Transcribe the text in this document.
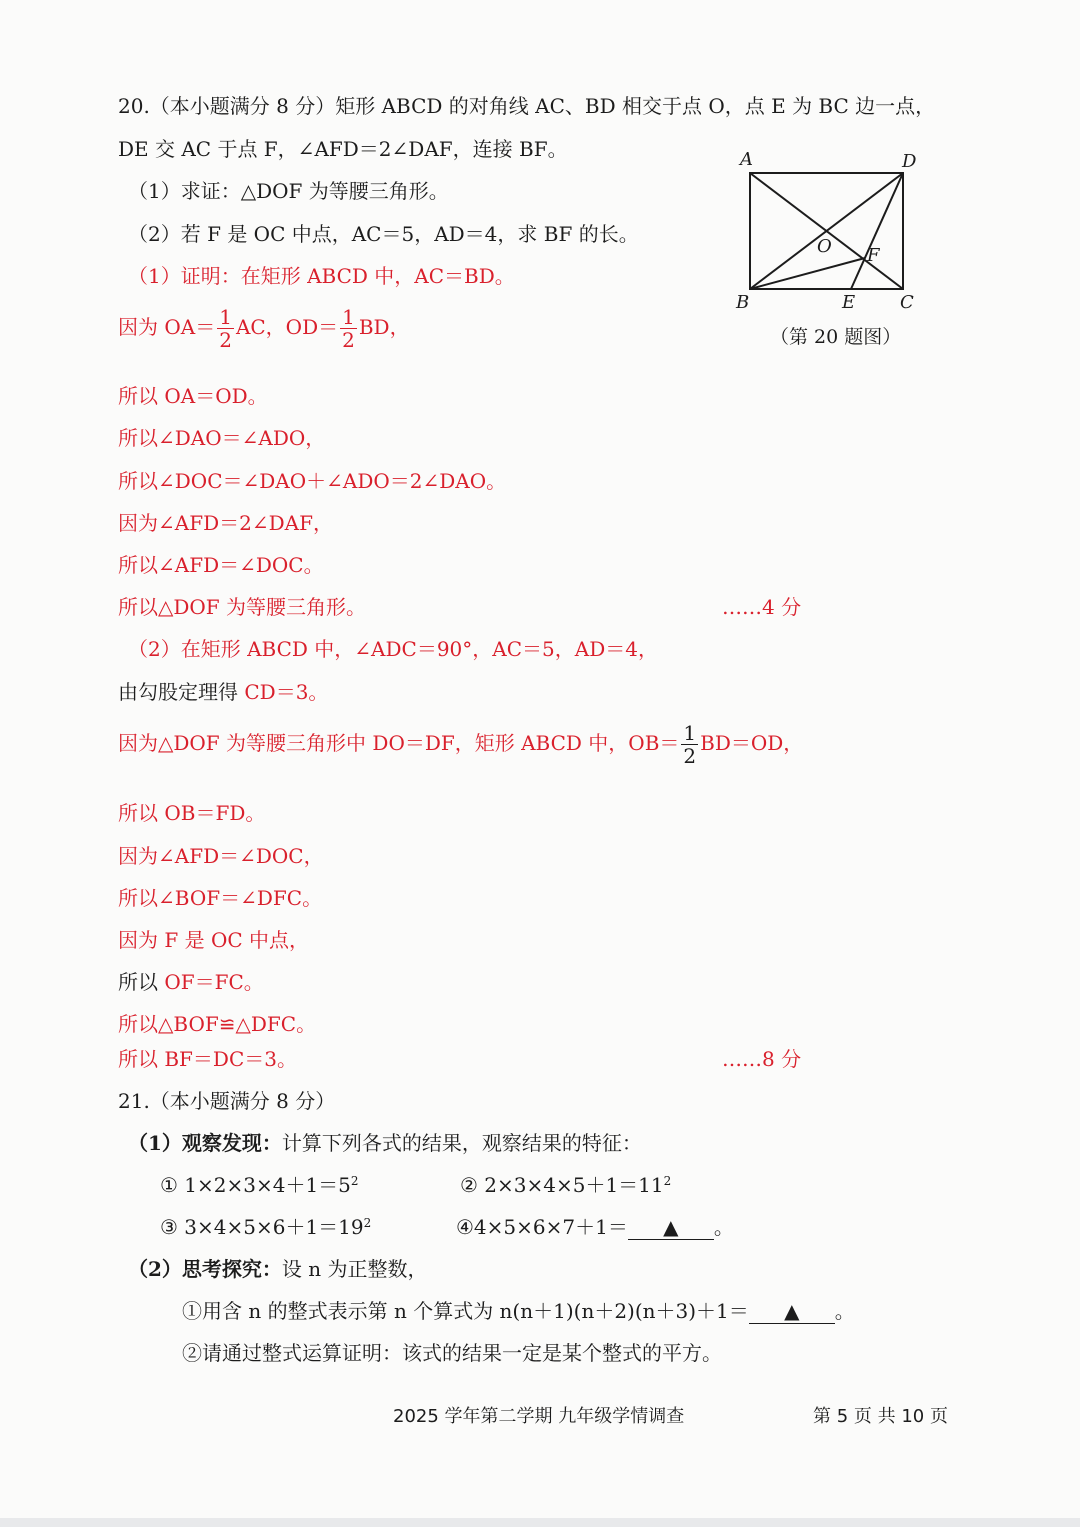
20.（本小题满分 8 分）矩形 ABCD 的对角线 AC、BD 相交于点 O，点 E 为 BC 边一点，
DE 交 AC 于点 F，∠AFD＝2∠DAF，连接 BF。
（1）求证：△DOF 为等腰三角形。
（2）若 F 是 OC 中点，AC＝5，AD＝4，求 BF 的长。
A	D
B	C
E
F
O
（第 20 题图）
（1）证明：在矩形 ABCD 中，AC＝BD。
因为 $OA= \frac{1}{2}$ AC，$OD= \frac{1}{2}$ BD，
所以 OA＝OD。
所以∠DAO＝∠ADO，
所以∠DOC＝∠DAO＋∠ADO＝2∠DAO。
因为∠AFD＝2∠DAF，
所以∠AFD＝∠DOC。
所以△DOF 为等腰三角形。	……4 分
（2）在矩形 ABCD 中，∠ADC＝90°，AC＝5，AD＝4，
由勾股定理得 CD＝3。
因为△DOF 为等腰三角形中 DO＝DF，矩形 ABCD 中，$OB= \frac{1}{2} BD=OD$，
所以 OB＝FD。
因为∠AFD＝∠DOC，
所以∠BOF＝∠DFC。
因为 F 是 OC 中点，
所以 OF＝FC。
所以△BOF≌△DFC。
所以 BF＝DC＝3。	……8 分
21.（本小题满分 8 分）
（1）观察发现：计算下列各式的结果，观察结果的特征：
① $1\times 2\times 3\times 4+1=5^2$	② $2\times 3\times 4\times 5+1=11^2$
③ $3\times 4\times 5\times 6+1=19^2$	④4×5×6×7＋1＝ ▲ 。
（2）思考探究：设 n 为正整数，
①用含 n 的整式表示第 n 个算式为 n(n＋1)(n＋2)(n＋3)＋1＝ ▲ 。
②请通过整式运算证明：该式的结果一定是某个整式的平方。
2025 学年第二学期 九年级学情调查	第 5 页 共 10 页
